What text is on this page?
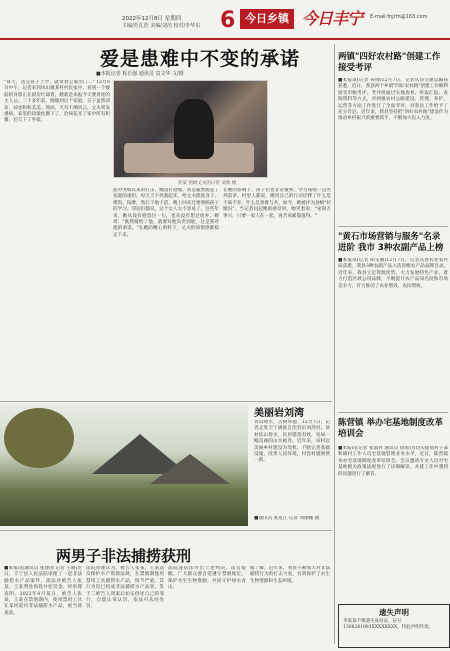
2022年12月8日 星期四
主编/范礼浩 美编/刘浩 校对/李华东 6 今日乡镇 今日丰宁 E-mail:fnjrfn@163.com
爱是患难中不变的承诺
■本报记者 程长强 通讯员 袁文华 文/摄
"每天，送完孩子上学，就带着公婆出门…" 12月6日中午，记者来到凤山镇某村村民家中，看到一个瘦弱的身影正在厨房忙碌着，她就是本报今天要讲述的主人公。二十多年前，她嫁到这个家庭，日子虽然清贫，却也和和美美。然而，天有不测风云，丈夫突发重病，家里的顶梁柱倒下了，治病花光了家中所有积蓄，还欠下了外债。
彭某 照顾丈夫的日常 刘新 摄
面对突如其来的打击，她没有退缩，而是毅然挑起了家庭的重担。每天天不亮就起床，给丈夫擦洗身子、喂饭、按摩，然后下地干活，晚上回来还要照顾孩子的学习。邻居们都说，这个女人太不容易了。这些年来，她从没有抱怨过一句，也从没有想过放弃。她说："既然嫁给了他，就要对他负责到底，这是我对他的承诺。"在她的精心照料下，丈夫的病情逐渐稳定下来。
在她的影响下，孩子们也非常懂事，学习成绩一直名列前茅。村里人都说，她用自己的行动诠释了什么是不离不弃，什么是患难与共。如今，她被评为县级"好媳妇"，当记者问起她的感受时，她笑着说："家和万事兴，只要一家人在一起，再苦再累都值得。"
两镇"四好农村路"创建工作接受考评
■本报讯(记者 孙帅)12月7日，记者从县交通运输局获悉，近日，我县两个乡镇"四好农村路"创建工作顺利接受市级考评。考评组通过实地查看、听取汇报、查阅资料等方式，对两镇农村公路建设、管理、养护、运营等方面工作进行了全面考评，对我县工作给予了充分肯定。近年来，我县坚持把"四好农村路"建设作为推动乡村振兴的重要抓手，不断加大投入力度。
"黄石市场营销与服务"名录进阶 我市 3种农副产品上榜
■本报讯(记者 胡文丽)12月7日，记者从县农业农村局获悉，我县3种农副产品入选省级农产品品牌目录。近年来，我县立足资源优势，大力发展特色产业，着力打造区域公用品牌，不断提升农产品知名度和市场竞争力，有力推动了农业增效、农民增收。
陈营镇 举办宅基地制度改革培训会
■本报讯(记者 张淑君 通讯员 徐海)为切实提高村干部和镇村工作人员宅基地管理业务水平，近日，陈营镇举办宅基地制度改革培训会。会议邀请专业人员对宅基地相关政策法规进行了详细解读，并就工作中遇到的问题进行了解答。
美丽岩刘湾
青山绿水，古树环抱，12月7日，记者走进丰宁满族自治县岩刘湾村。该村依山傍水，民居错落有致，宛如一幅美丽的山水画卷。近年来，该村以美丽乡村建设为契机，不断完善基础设施，改善人居环境，村容村貌焕然一新。
■通讯员 张龙江 记者 周丽娜 摄
两男子非法捕捞获刑
■本报讯(通讯员 张建国 记者 王丽)近日，丰宁县人民法院审理了一起非法捕捞水产品案件，依法对被告人张某、王某判处拘役并处罚金。经审理查明，2022年4月某日，被告人张某、王某在禁渔期内，使用禁用工具在某河道内非法捕捞水产品，被当场查获。
法院审理认为，被告人张某、王某违反保护水产资源法规，在禁渔期使用禁用工具捕捞水产品，情节严重，其行为均已构成非法捕捞水产品罪。鉴于二被告人到案后如实供述自己的罪行，自愿认罪认罚，依法可从轻处罚。
法院遂依法作出上述判决。法官提醒，广大群众要自觉遵守禁渔规定，保护水生生物资源，共同守护绿水青山。
据了解，近年来，我县不断加大对非法捕捞行为的打击力度，有效保护了水生生物资源和生态环境。
遗失声明
李某某不慎遗失身份证，证号1308261981XXXXXXXX，特此声明作废。
